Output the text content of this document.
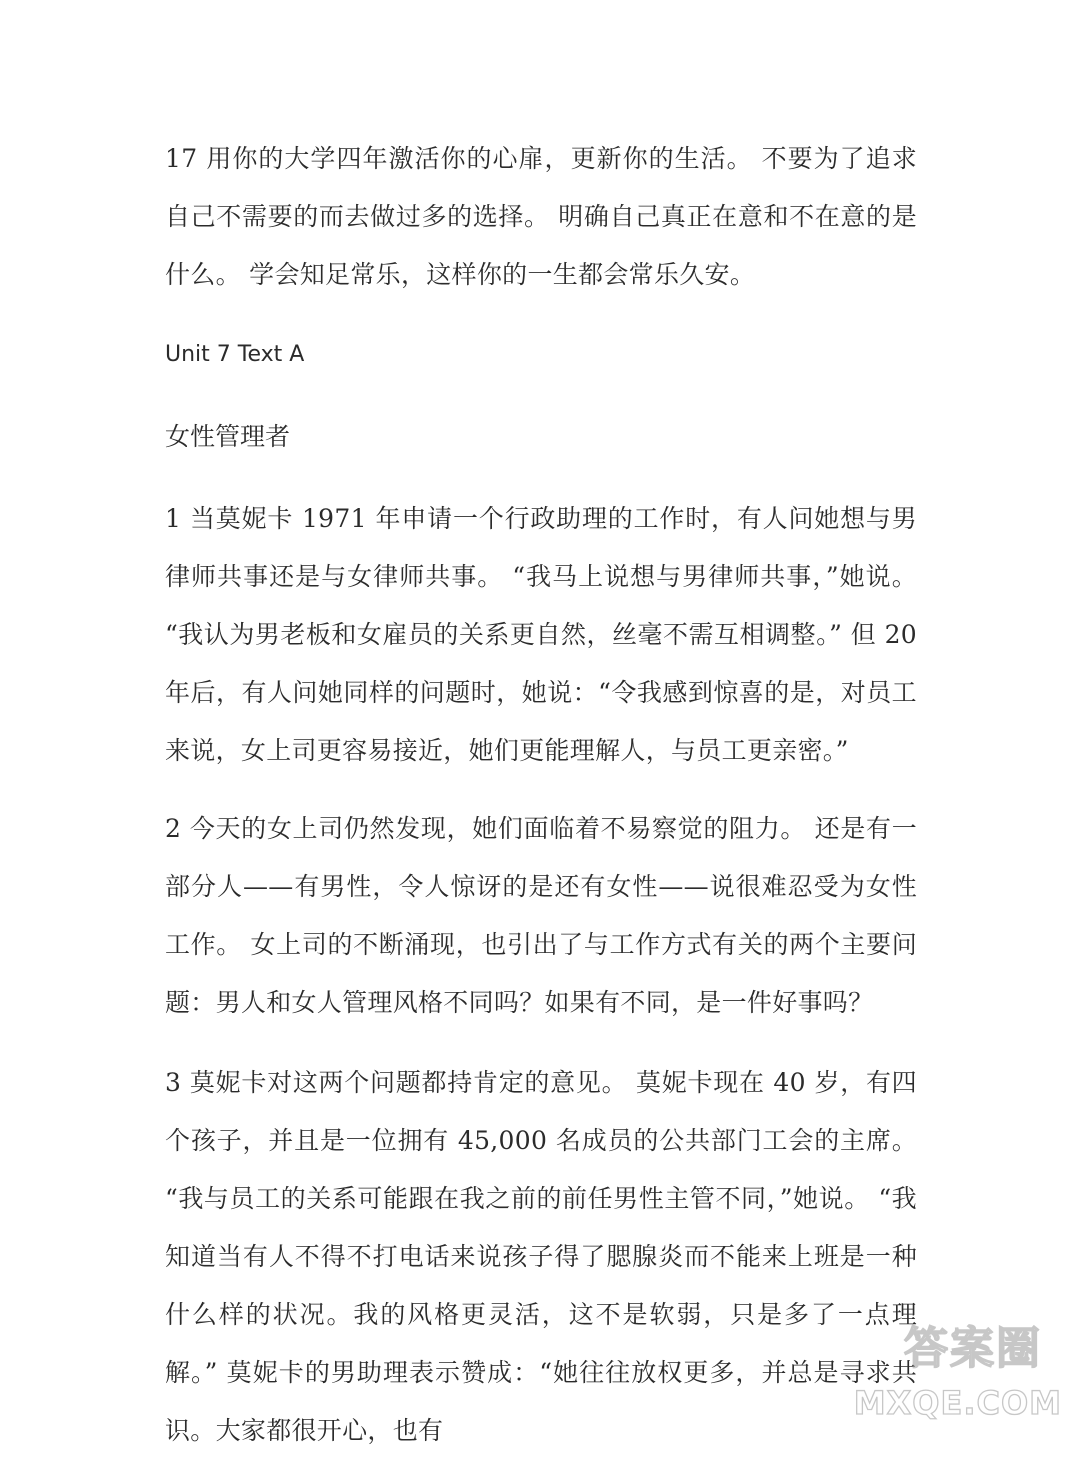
17 用你的大学四年激活你的心扉，更新你的生活。 不要为了追求自己不需要的而去做过多的选择。 明确自己真正在意和不在意的是什么。 学会知足常乐，这样你的一生都会常乐久安。

Unit 7 Text A

女性管理者

1 当莫妮卡 1971 年申请一个行政助理的工作时，有人问她想与男律师共事还是与女律师共事。 “我马上说想与男律师共事，”她说。 “我认为男老板和女雇员的关系更自然，丝毫不需互相调整。” 但 20 年后，有人问她同样的问题时，她说：“令我感到惊喜的是，对员工来说，女上司更容易接近，她们更能理解人，与员工更亲密。”

2 今天的女上司仍然发现，她们面临着不易察觉的阻力。 还是有一部分人——有男性，令人惊讶的是还有女性——说很难忍受为女性工作。 女上司的不断涌现，也引出了与工作方式有关的两个主要问题：男人和女人管理风格不同吗？如果有不同，是一件好事吗？

3 莫妮卡对这两个问题都持肯定的意见。 莫妮卡现在 40 岁，有四个孩子，并且是一位拥有 45,000 名成员的公共部门工会的主席。 “我与员工的关系可能跟在我之前的前任男性主管不同，”她说。 “我知道当有人不得不打电话来说孩子得了腮腺炎而不能来上班是一种什么样的状况。我的风格更灵活，这不是软弱，只是多了一点理解。” 莫妮卡的男助理表示赞成：“她往往放权更多，并总是寻求共识。大家都很开心，也有

答案圈
MXQE.COM
